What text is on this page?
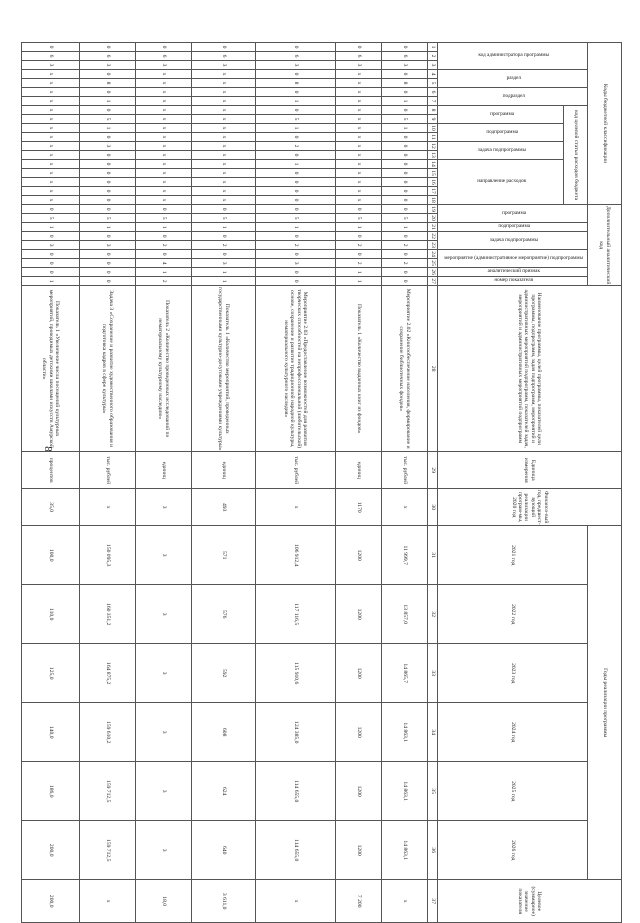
8
Коды бюджетной классификации																		Дополнительный аналитический код									Наименование программы, целей программы, показателей цели программы, подпрограмм, задач подпрограмм, мероприятий и административных мероприятий подпрограмм, показателей задач, мероприятий и административных мероприятий подпрограмм	Единица измерения	Финансо-вый год, предшест-вующий реализации програм-мы, 2020 год	Годы реализации программы						Целевое (суммарное) значение показателя
код администратора программы			раздел		подраздел		код целевой статьи расходов бюджета											программа		подпрограмма	задача подпрограммы		мероприятие (административное мероприятие) подпрограммы		аналитический признак	номер показателя				2021 год	2022 год	2023 год	2024 год	2025 год	2026 год	
							программа		подпрограмма		задача подпрограммы		направление расходов																							
1	2	3	4	5	6	7	8	9	10	11	12	13	14	15	16	17	18	19	20	21	22	23	24	25	26	27	28	29	30	31	32	33	34	35	36	37
0	6	3	0	8	0	1	0	5	1	0	0	0	0	0	0	0	0	0	5	1	0	2	0	2	0	0	Мероприятие 2.02 «Книгообеспечение населения, формирование и сохранение библиотечных фондов»	тыс. рублей	x	11 999,7	13 857,0	14 865,7	14 863,1	14 863,1	14 863,1	x
0	6	3	x	x	x	x	x	x	x	x	x	x	x	x	x	x	x	0	5	1	0	2	0	2	1	1	Показатель 1 «Количество выданных книг из фондов»	единиц	1170	1200	1200	1200	1200	1200	1200	7 200
0	6	3	0	8	0	1	0	5	1	0	2	0	1	0	0	0	0	0	5	1	0	2	0	3	0	0	Мероприятие 2.03 «Предоставление возможностей для развития творческих способностей на непрофессиональной (любительской) основе, сохранение и развитие традиционной народной культуры, нематериального культурного наследия»	тыс. рублей	x	106 912,4	117 116,5	115 910,6	124 385,0	114 655,0	114 655,0	x
0	6	3	x	x	x	x	x	x	x	x	x	x	x	x	x	x	x	0	5	1	0	2	0	3	1	1	Показатель 1 «Количество мероприятий, проведенных государственными культурно-досуговыми учреждениями культуры»	единиц	493	571	576	592	608	624	640	3 611,0
0	6	3	x	x	x	x	x	x	x	x	x	x	x	x	x	x	x	0	5	1	0	2	0	4	1	2	Показатель 2 «Количество проведенных исследований по нематериальному культурному наследию»	единиц	3	3	3	3	3	3	3	18,0
0	6	3	0	8	0	1	0	5	1	0	3	0	0	0	0	0	0	0	5	1	0	3	0	0	0	0	Задача 3 «Сохранение и развитие художественного образования и подготовка кадров в сфере культуры»	тыс. рублей	x	150 095,3	160 351,2	164 875,2	159 610,2	159 712,5	159 712,5	x
0	6	3	x	x	x	x	x	x	x	x	x	x	x	x	x	x	x	0	5	1	0	3	0	0	0	1	Показатель 1 «Увеличение числа посещений культурных мероприятий, проводимых детскими школами искусств Амурской области»	процентов	35,0	100,0	110,0	125,0	140,0	186,0	200,0	200,0
